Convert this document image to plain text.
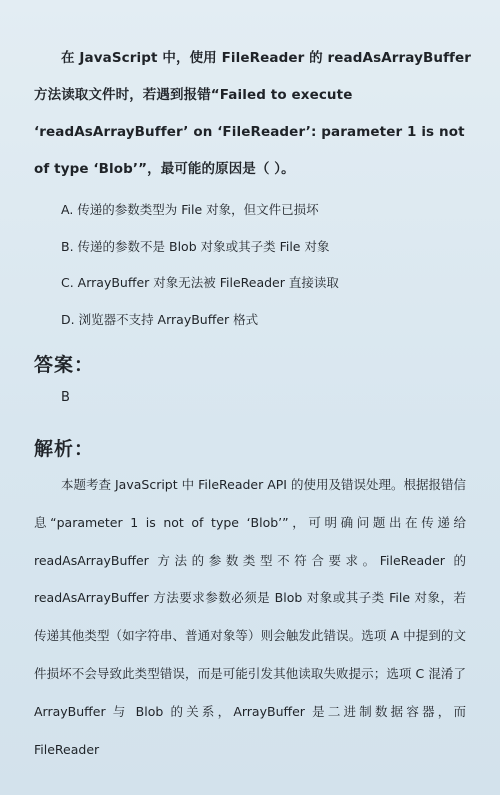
在 JavaScript 中，使用 FileReader 的 readAsArrayBuffer 方法读取文件时，若遇到报错“Failed to execute ‘readAsArrayBuffer’ on ‘FileReader’: parameter 1 is not of type ‘Blob’”，最可能的原因是（ ）。
A. 传递的参数类型为 File 对象，但文件已损坏
B. 传递的参数不是 Blob 对象或其子类 File 对象
C. ArrayBuffer 对象无法被 FileReader 直接读取
D. 浏览器不支持 ArrayBuffer 格式
答案：
B
解析：
本题考查 JavaScript 中 FileReader API 的使用及错误处理。根据报错信息“parameter 1 is not of type ‘Blob’”，可明确问题出在传递给 readAsArrayBuffer 方法的参数类型不符合要求。FileReader 的 readAsArrayBuffer 方法要求参数必须是 Blob 对象或其子类 File 对象，若传递其他类型（如字符串、普通对象等）则会触发此错误。选项 A 中提到的文件损坏不会导致此类型错误，而是可能引发其他读取失败提示；选项 C 混淆了 ArrayBuffer 与 Blob 的关系，ArrayBuffer 是二进制数据容器，而 FileReader
